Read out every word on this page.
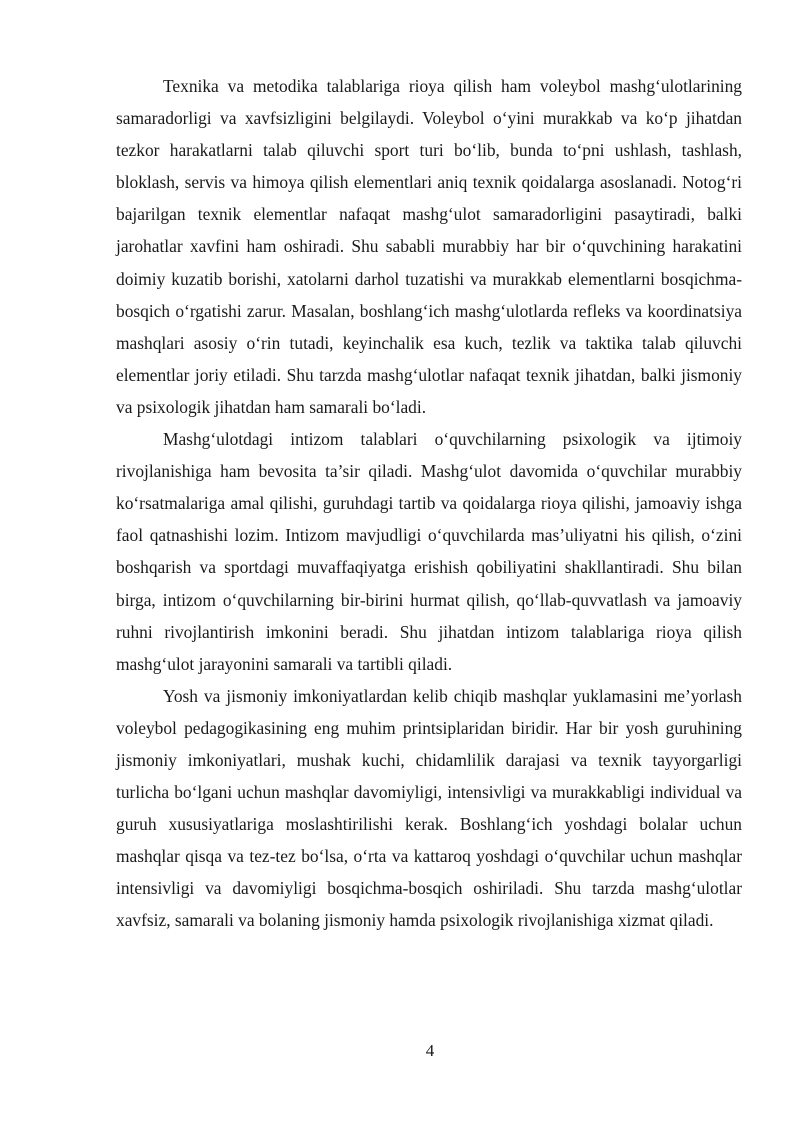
Texnika va metodika talablariga rioya qilish ham voleybol mashg‘ulotlarining samaradorligi va xavfsizligini belgilaydi. Voleybol o‘yini murakkab va ko‘p jihatdan tezkor harakatlarni talab qiluvchi sport turi bo‘lib, bunda to‘pni ushlash, tashlash, bloklash, servis va himoya qilish elementlari aniq texnik qoidalarga asoslanadi. Notog‘ri bajarilgan texnik elementlar nafaqat mashg‘ulot samaradorligini pasaytiradi, balki jarohatlar xavfini ham oshiradi. Shu sababli murabbiy har bir o‘quvchining harakatini doimiy kuzatib borishi, xatolarni darhol tuzatishi va murakkab elementlarni bosqichma-bosqich o‘rgatishi zarur. Masalan, boshlang‘ich mashg‘ulotlarda refleks va koordinatsiya mashqlari asosiy o‘rin tutadi, keyinchalik esa kuch, tezlik va taktika talab qiluvchi elementlar joriy etiladi. Shu tarzda mashg‘ulotlar nafaqat texnik jihatdan, balki jismoniy va psixologik jihatdan ham samarali bo‘ladi.

Mashg‘ulotdagi intizom talablari o‘quvchilarning psixologik va ijtimoiy rivojlanishiga ham bevosita ta’sir qiladi. Mashg‘ulot davomida o‘quvchilar murabbiy ko‘rsatmalariga amal qilishi, guruhdagi tartib va qoidalarga rioya qilishi, jamoaviy ishga faol qatnashishi lozim. Intizom mavjudligi o‘quvchilarda mas’uliyatni his qilish, o‘zini boshqarish va sportdagi muvaffaqiyatga erishish qobiliyatini shakllantiradi. Shu bilan birga, intizom o‘quvchilarning bir-birini hurmat qilish, qo‘llab-quvvatlash va jamoaviy ruhni rivojlantirish imkonini beradi. Shu jihatdan intizom talablariga rioya qilish mashg‘ulot jarayonini samarali va tartibli qiladi.

Yosh va jismoniy imkoniyatlardan kelib chiqib mashqlar yuklamasini me’yorlash voleybol pedagogikasining eng muhim printsiplaridan biridir. Har bir yosh guruhining jismoniy imkoniyatlari, mushak kuchi, chidamlilik darajasi va texnik tayyorgarligi turlicha bo‘lgani uchun mashqlar davomiyligi, intensivligi va murakkabligi individual va guruh xususiyatlariga moslashtirilishi kerak. Boshlang‘ich yoshdagi bolalar uchun mashqlar qisqa va tez-tez bo‘lsa, o‘rta va kattaroq yoshdagi o‘quvchilar uchun mashqlar intensivligi va davomiyligi bosqichma-bosqich oshiriladi. Shu tarzda mashg‘ulotlar xavfsiz, samarali va bolaning jismoniy hamda psixologik rivojlanishiga xizmat qiladi.

4
